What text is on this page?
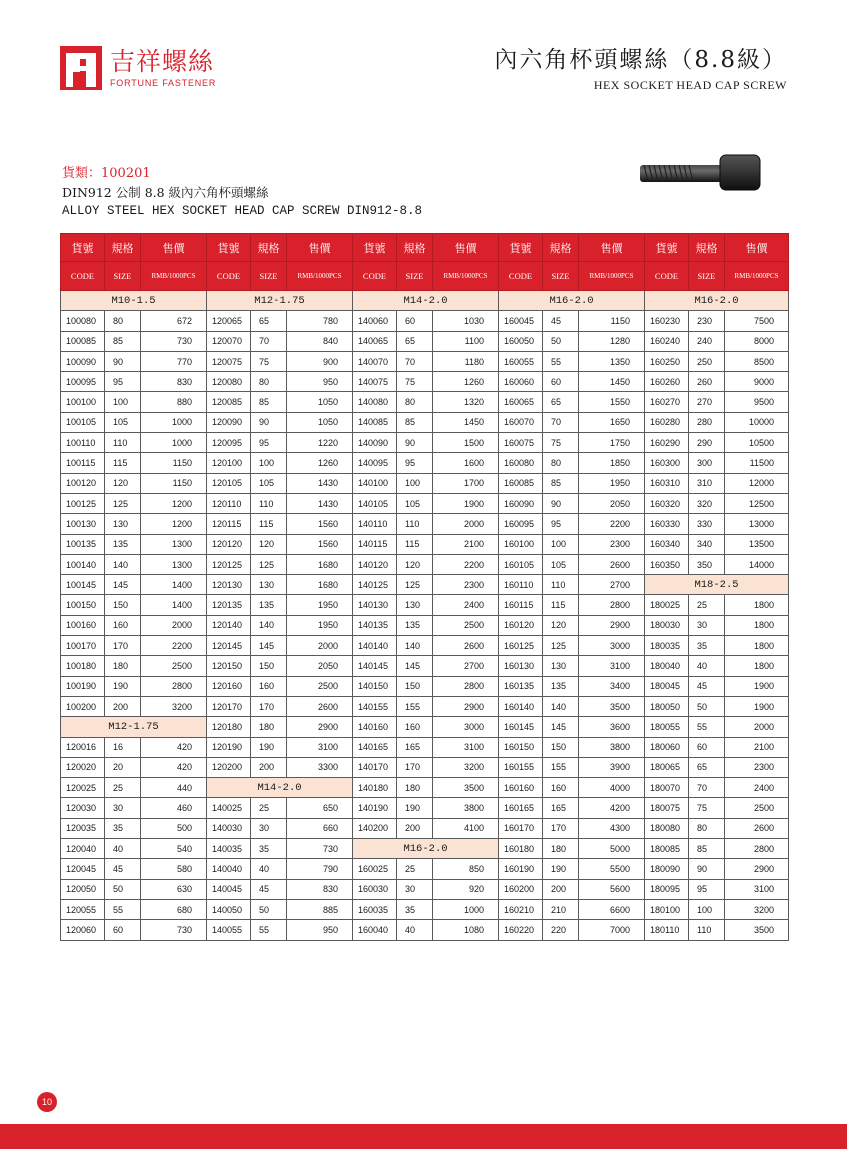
吉祥螺絲
FORTUNE FASTENER
內六角杯頭螺絲（8.8級）
HEX SOCKET HEAD CAP SCREW
貨類：100201
DIN912 公制 8.8 級內六角杯頭螺絲
ALLOY STEEL HEX SOCKET HEAD CAP SCREW DIN912-8.8
貨號	規格	售價	貨號	規格	售價	貨號	規格	售價	貨號	規格	售價	貨號	規格	售價
CODE	SIZE	RMB/1000PCS	CODE	SIZE	RMB/1000PCS	CODE	SIZE	RMB/1000PCS	CODE	SIZE	RMB/1000PCS	CODE	SIZE	RMB/1000PCS
M10-1.5			M12-1.75			M14-2.0			M16-2.0			M16-2.0		
100080	80	672	120065	65	780	140060	60	1030	160045	45	1150	160230	230	7500
100085	85	730	120070	70	840	140065	65	1100	160050	50	1280	160240	240	8000
100090	90	770	120075	75	900	140070	70	1180	160055	55	1350	160250	250	8500
100095	95	830	120080	80	950	140075	75	1260	160060	60	1450	160260	260	9000
100100	100	880	120085	85	1050	140080	80	1320	160065	65	1550	160270	270	9500
100105	105	1000	120090	90	1050	140085	85	1450	160070	70	1650	160280	280	10000
100110	110	1000	120095	95	1220	140090	90	1500	160075	75	1750	160290	290	10500
100115	115	1150	120100	100	1260	140095	95	1600	160080	80	1850	160300	300	11500
100120	120	1150	120105	105	1430	140100	100	1700	160085	85	1950	160310	310	12000
100125	125	1200	120110	110	1430	140105	105	1900	160090	90	2050	160320	320	12500
100130	130	1200	120115	115	1560	140110	110	2000	160095	95	2200	160330	330	13000
100135	135	1300	120120	120	1560	140115	115	2100	160100	100	2300	160340	340	13500
100140	140	1300	120125	125	1680	140120	120	2200	160105	105	2600	160350	350	14000
100145	145	1400	120130	130	1680	140125	125	2300	160110	110	2700	M18-2.5		
100150	150	1400	120135	135	1950	140130	130	2400	160115	115	2800	180025	25	1800
100160	160	2000	120140	140	1950	140135	135	2500	160120	120	2900	180030	30	1800
100170	170	2200	120145	145	2000	140140	140	2600	160125	125	3000	180035	35	1800
100180	180	2500	120150	150	2050	140145	145	2700	160130	130	3100	180040	40	1800
100190	190	2800	120160	160	2500	140150	150	2800	160135	135	3400	180045	45	1900
100200	200	3200	120170	170	2600	140155	155	2900	160140	140	3500	180050	50	1900
M12-1.75			120180	180	2900	140160	160	3000	160145	145	3600	180055	55	2000
120016	16	420	120190	190	3100	140165	165	3100	160150	150	3800	180060	60	2100
120020	20	420	120200	200	3300	140170	170	3200	160155	155	3900	180065	65	2300
120025	25	440	M14-2.0			140180	180	3500	160160	160	4000	180070	70	2400
120030	30	460	140025	25	650	140190	190	3800	160165	165	4200	180075	75	2500
120035	35	500	140030	30	660	140200	200	4100	160170	170	4300	180080	80	2600
120040	40	540	140035	35	730	M16-2.0			160180	180	5000	180085	85	2800
120045	45	580	140040	40	790	160025	25	850	160190	190	5500	180090	90	2900
120050	50	630	140045	45	830	160030	30	920	160200	200	5600	180095	95	3100
120055	55	680	140050	50	885	160035	35	1000	160210	210	6600	180100	100	3200
120060	60	730	140055	55	950	160040	40	1080	160220	220	7000	180110	110	3500
10
